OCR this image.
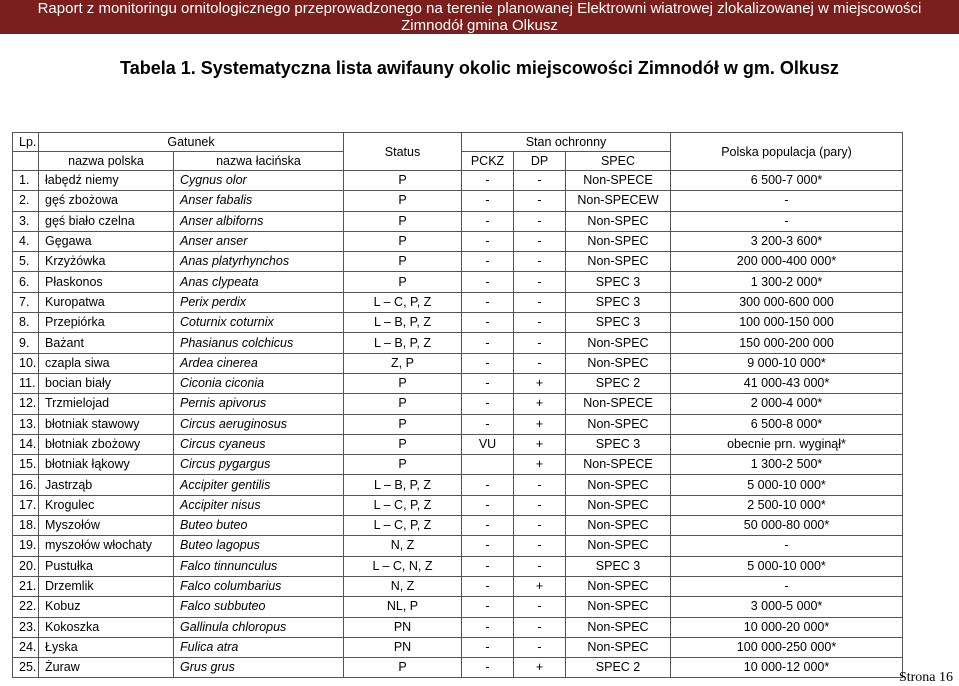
Raport z monitoringu ornitologicznego przeprowadzonego na terenie planowanej Elektrowni wiatrowej zlokalizowanej w miejscowości
Zimnodół gmina Olkusz
Tabela 1. Systematyczna lista awifauny okolic miejscowości Zimnodół w gm. Olkusz
Lp.	Gatunek		Status	Stan ochronny			Polska populacja (pary)
	nazwa polska	nazwa łacińska		PCKZ	DP	SPEC	
1.	łabędź niemy	Cygnus olor	P	-	-	Non-SPECE	6 500-7 000*
2.	gęś zbożowa	Anser fabalis	P	-	-	Non-SPECEW	-
3.	gęś biało czelna	Anser albiforns	P	-	-	Non-SPEC	-
4.	Gęgawa	Anser anser	P	-	-	Non-SPEC	3 200-3 600*
5.	Krzyżówka	Anas platyrhynchos	P	-	-	Non-SPEC	200 000-400 000*
6.	Płaskonos	Anas clypeata	P	-	-	SPEC 3	1 300-2 000*
7.	Kuropatwa	Perix perdix	L – C, P, Z	-	-	SPEC 3	300 000-600 000
8.	Przepiórka	Coturnix coturnix	L – B, P, Z	-	-	SPEC 3	100 000-150 000
9.	Bażant	Phasianus colchicus	L – B, P, Z	-	-	Non-SPEC	150 000-200 000
10.	czapla siwa	Ardea cinerea	Z, P	-	-	Non-SPEC	9 000-10 000*
11.	bocian biały	Ciconia ciconia	P	-	+	SPEC 2	41 000-43 000*
12.	Trzmielojad	Pernis apivorus	P	-	+	Non-SPECE	2 000-4 000*
13.	błotniak stawowy	Circus aeruginosus	P	-	+	Non-SPEC	6 500-8 000*
14.	błotniak zbożowy	Circus cyaneus	P	VU	+	SPEC 3	obecnie prn. wyginął*
15.	błotniak łąkowy	Circus pygargus	P		+	Non-SPECE	1 300-2 500*
16.	Jastrząb	Accipiter gentilis	L – B, P, Z	-	-	Non-SPEC	5 000-10 000*
17.	Krogulec	Accipiter nisus	L – C, P, Z	-	-	Non-SPEC	2 500-10 000*
18.	Myszołów	Buteo buteo	L – C, P, Z	-	-	Non-SPEC	50 000-80 000*
19.	myszołów włochaty	Buteo lagopus	N, Z	-	-	Non-SPEC	-
20.	Pustułka	Falco tinnunculus	L – C, N, Z	-	-	SPEC 3	5 000-10 000*
21.	Drzemlik	Falco columbarius	N, Z	-	+	Non-SPEC	-
22.	Kobuz	Falco subbuteo	NL, P	-	-	Non-SPEC	3 000-5 000*
23.	Kokoszka	Gallinula chloropus	PN	-	-	Non-SPEC	10 000-20 000*
24.	Łyska	Fulica atra	PN	-	-	Non-SPEC	100 000-250 000*
25.	Żuraw	Grus grus	P	-	+	SPEC 2	10 000-12 000*
Strona 16
